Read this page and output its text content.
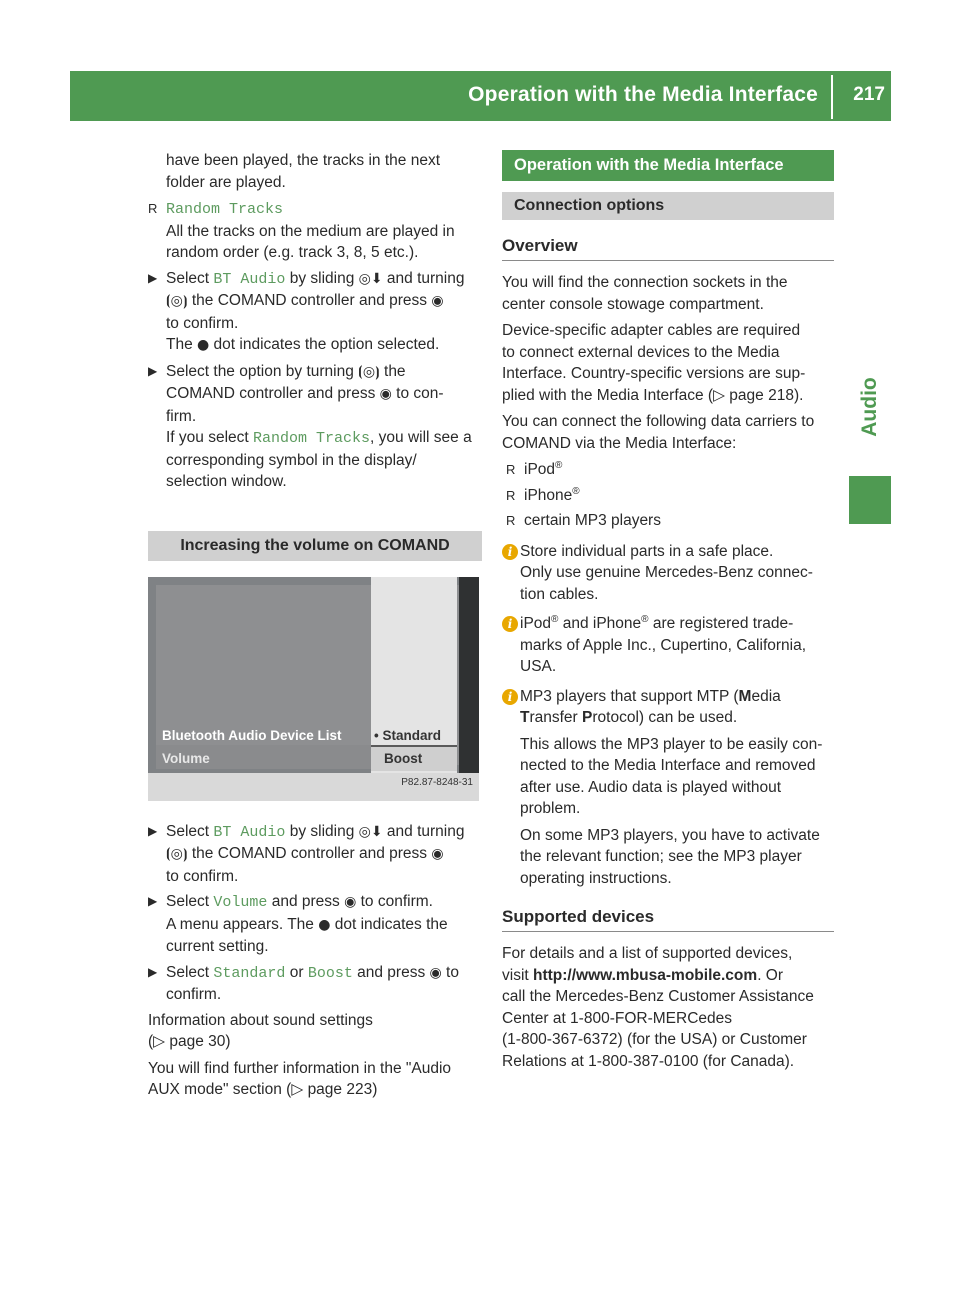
Operation with the Media Interface 217
Audio

have been played, the tracks in the next

folder are played.

R Random Tracks

All the tracks on the medium are played in

random order (e.g. track 3, 8, 5 etc.).

▶ Select BT Audio by sliding ◎⬇ and turning

⦗◎⦘ the COMAND controller and press ◉

to confirm.

The ● dot indicates the option selected.

▶ Select the option by turning ⦗◎⦘ the

COMAND controller and press ◉ to con-

firm.

If you select Random Tracks, you will see a

corresponding symbol in the display/

selection window.

Increasing the volume on COMAND
Bluetooth Audio Device List
Volume
• Standard
Boost
P82.87-8248-31
▶ Select BT Audio by sliding ◎⬇ and turning

⦗◎⦘ the COMAND controller and press ◉

to confirm.

▶ Select Volume and press ◉ to confirm.

A menu appears. The ● dot indicates the

current setting.

▶ Select Standard or Boost and press ◉ to

confirm.

Information about sound settings

(▷ page 30)

You will find further information in the "Audio

AUX mode" section (▷ page 223)

Operation with the Media Interface
Connection options
Overview

You will find the connection sockets in the

center console stowage compartment.

Device-specific adapter cables are required

to connect external devices to the Media

Interface. Country-specific versions are sup-

plied with the Media Interface (▷ page 218).

You can connect the following data carriers to

COMAND via the Media Interface:

R iPod®

R iPhone®

R certain MP3 players

i Store individual parts in a safe place.

Only use genuine Mercedes-Benz connec-

tion cables.

i iPod® and iPhone® are registered trade-

marks of Apple Inc., Cupertino, California,

USA.

i MP3 players that support MTP (Media

Transfer Protocol) can be used.

This allows the MP3 player to be easily con-

nected to the Media Interface and removed

after use. Audio data is played without

problem.

On some MP3 players, you have to activate

the relevant function; see the MP3 player

operating instructions.

Supported devices

For details and a list of supported devices,

visit http://www.mbusa-mobile.com. Or

call the Mercedes-Benz Customer Assistance

Center at 1-800-FOR-MERCedes

(1-800-367-6372) (for the USA) or Customer

Relations at 1-800-387-0100 (for Canada).
